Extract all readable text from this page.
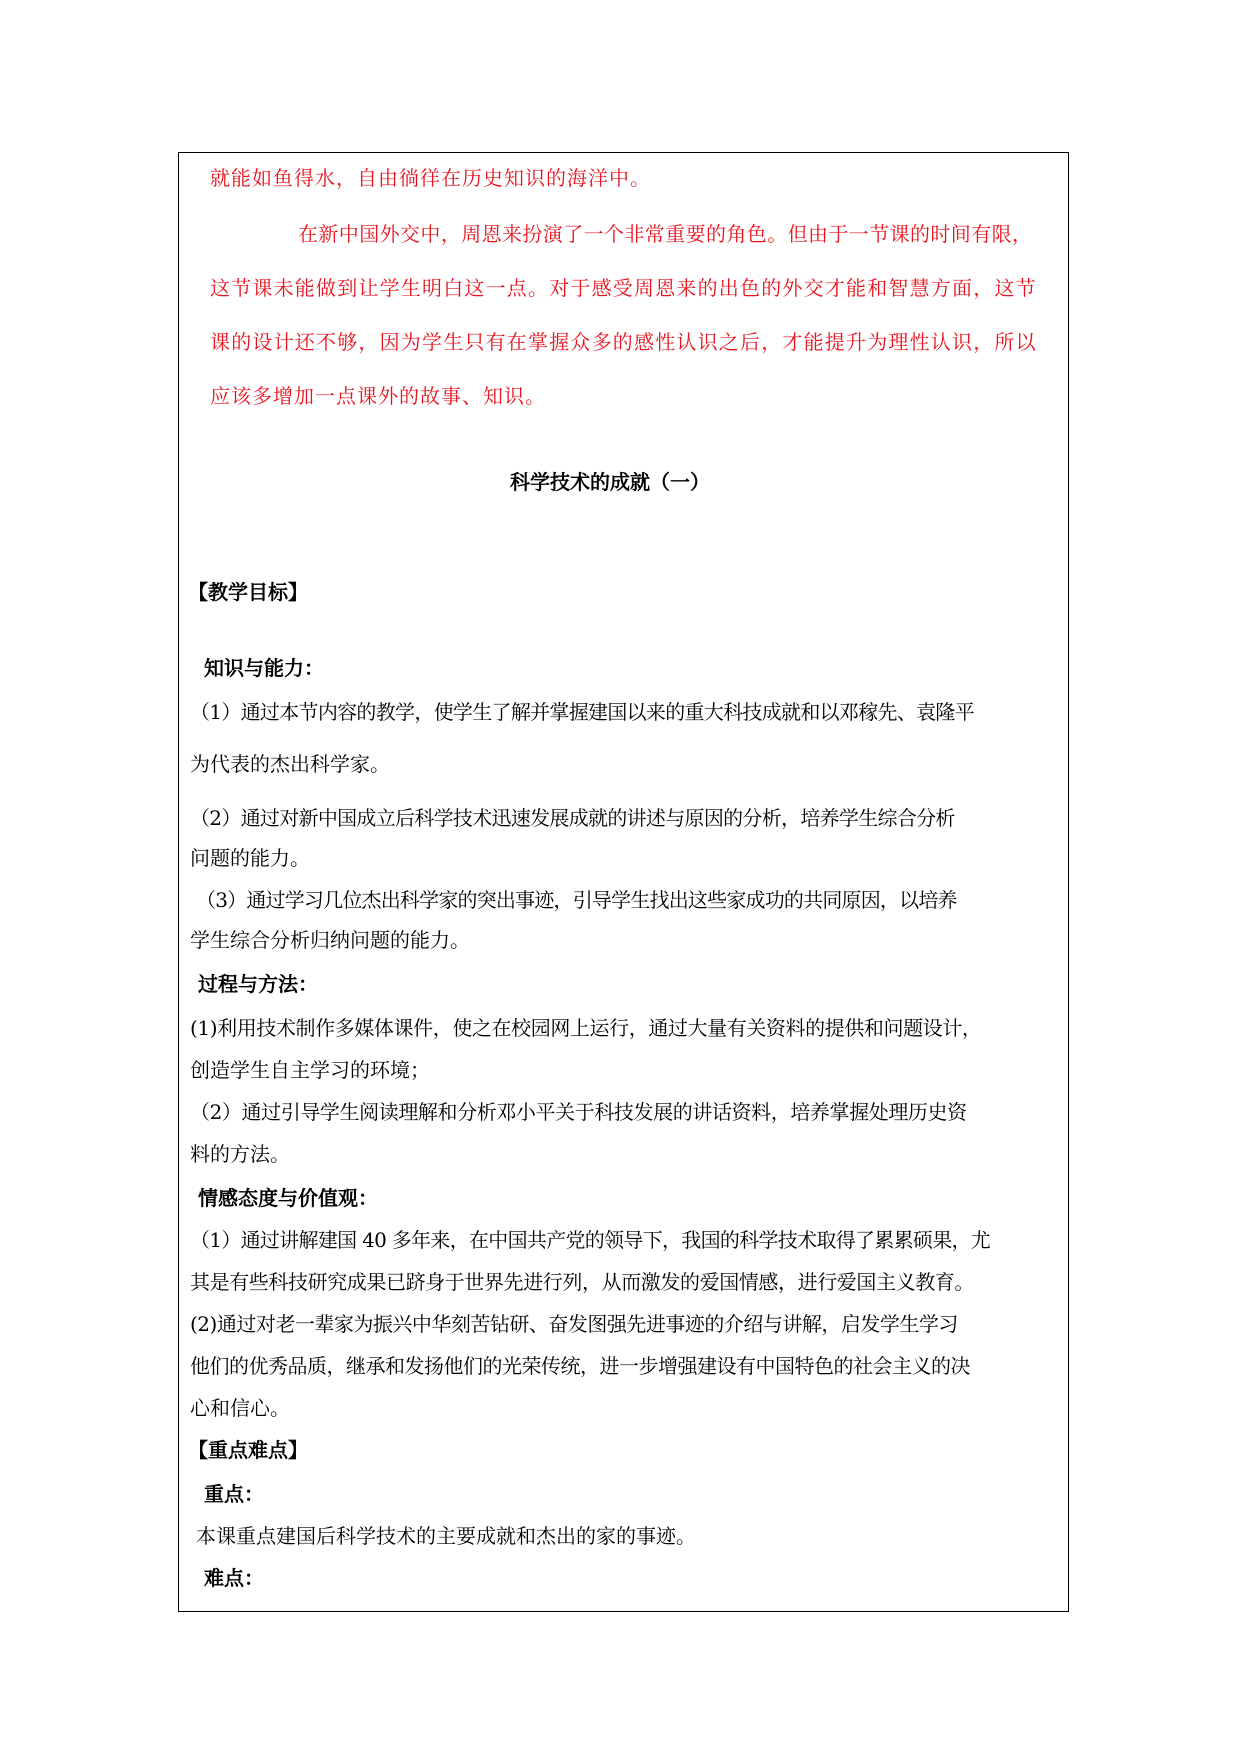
就能如鱼得水，自由徜徉在历史知识的海洋中。
在新中国外交中，周恩来扮演了一个非常重要的角色。但由于一节课的时间有限，
这节课未能做到让学生明白这一点。对于感受周恩来的出色的外交才能和智慧方面，这节
课的设计还不够，因为学生只有在掌握众多的感性认识之后，才能提升为理性认识，所以
应该多增加一点课外的故事、知识。
科学技术的成就（一）
【教学目标】
知识与能力：
（1）通过本节内容的教学，使学生了解并掌握建国以来的重大科技成就和以邓稼先、袁隆平
为代表的杰出科学家。
（2）通过对新中国成立后科学技术迅速发展成就的讲述与原因的分析，培养学生综合分析
问题的能力。
（3）通过学习几位杰出科学家的突出事迹，引导学生找出这些家成功的共同原因，以培养
学生综合分析归纳问题的能力。
过程与方法：
(1)利用技术制作多媒体课件，使之在校园网上运行，通过大量有关资料的提供和问题设计，
创造学生自主学习的环境；
（2）通过引导学生阅读理解和分析邓小平关于科技发展的讲话资料，培养掌握处理历史资
料的方法。
情感态度与价值观：
（1）通过讲解建国 40 多年来，在中国共产党的领导下，我国的科学技术取得了累累硕果，尤
其是有些科技研究成果已跻身于世界先进行列，从而激发的爱国情感，进行爱国主义教育。
(2)通过对老一辈家为振兴中华刻苦钻研、奋发图强先进事迹的介绍与讲解，启发学生学习
他们的优秀品质，继承和发扬他们的光荣传统，进一步增强建设有中国特色的社会主义的决
心和信心。
【重点难点】
重点：
本课重点建国后科学技术的主要成就和杰出的家的事迹。
难点：
